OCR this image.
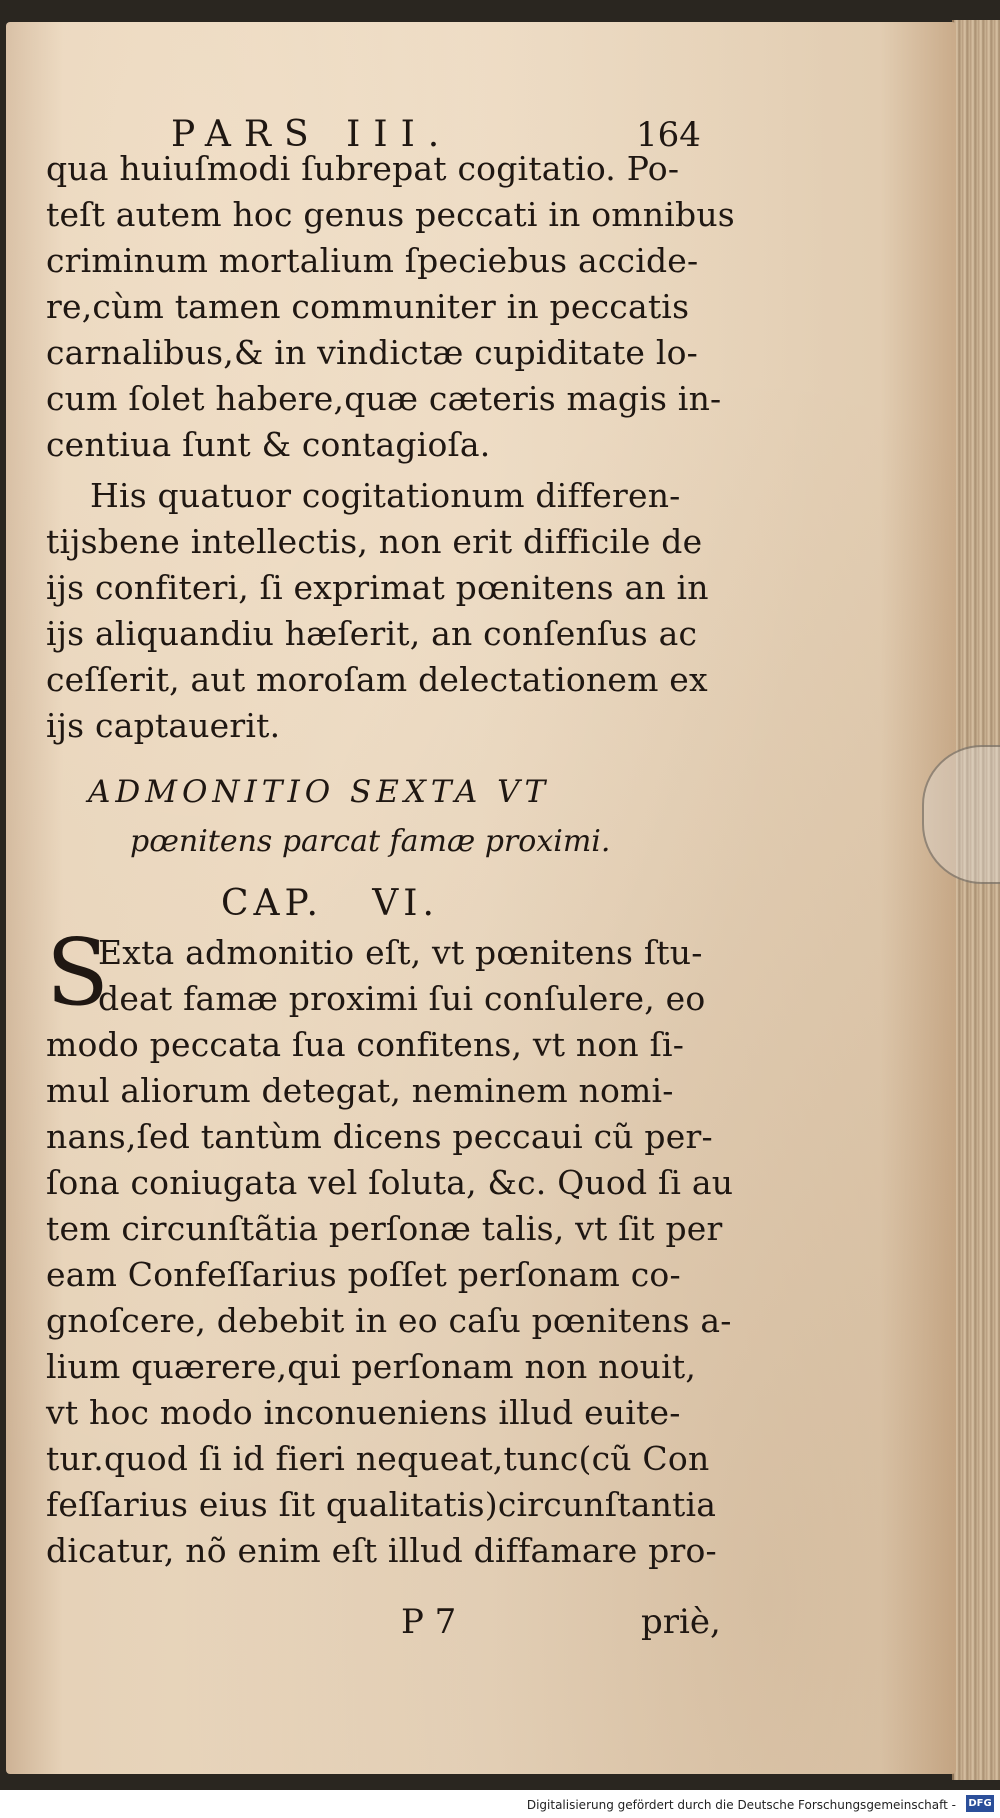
PARS III.	164
qua huiuſmodi ſubrepat cogitatio. Po-
teſt autem hoc genus peccati in omnibus
criminum mortalium ſpeciebus accide-
re,cùm tamen communiter in peccatis
carnalibus,& in vindictæ cupiditate lo-
cum ſolet habere,quæ cæteris magis in-
centiua ſunt & contagioſa.
His quatuor cogitationum differen-
tijsbene intellectis, non erit difficile de
ijs confiteri, ſi exprimat pœnitens an in
ijs aliquandiu hæſerit, an conſenſus ac
ceſſerit, aut moroſam delectationem ex
ijs captauerit.
ADMONITIO SEXTA VT
pœnitens parcat famæ proximi.
CAP.   VI.
S
Exta admonitio eſt, vt pœnitens ſtu-
deat famæ proximi ſui conſulere, eo
modo peccata ſua confitens, vt non ſi-
mul aliorum detegat, neminem nomi-
nans,ſed tantùm dicens peccaui cũ per-
ſona coniugata vel ſoluta, &c. Quod ſi au
tem circunſtãtia perſonæ talis, vt ſit per
eam Confeſſarius poſſet perſonam co-
gnoſcere, debebit in eo caſu pœnitens a-
lium quærere,qui perſonam non nouit,
vt hoc modo inconueniens illud euite-
tur.quod ſi id fieri nequeat,tunc(cũ Con
feſſarius eius ſit qualitatis)circunſtantia
dicatur, nõ enim eſt illud diffamare pro-
P 7	priè,
Digitalisierung gefördert durch die Deutsche Forschungsgemeinschaft - DFG
